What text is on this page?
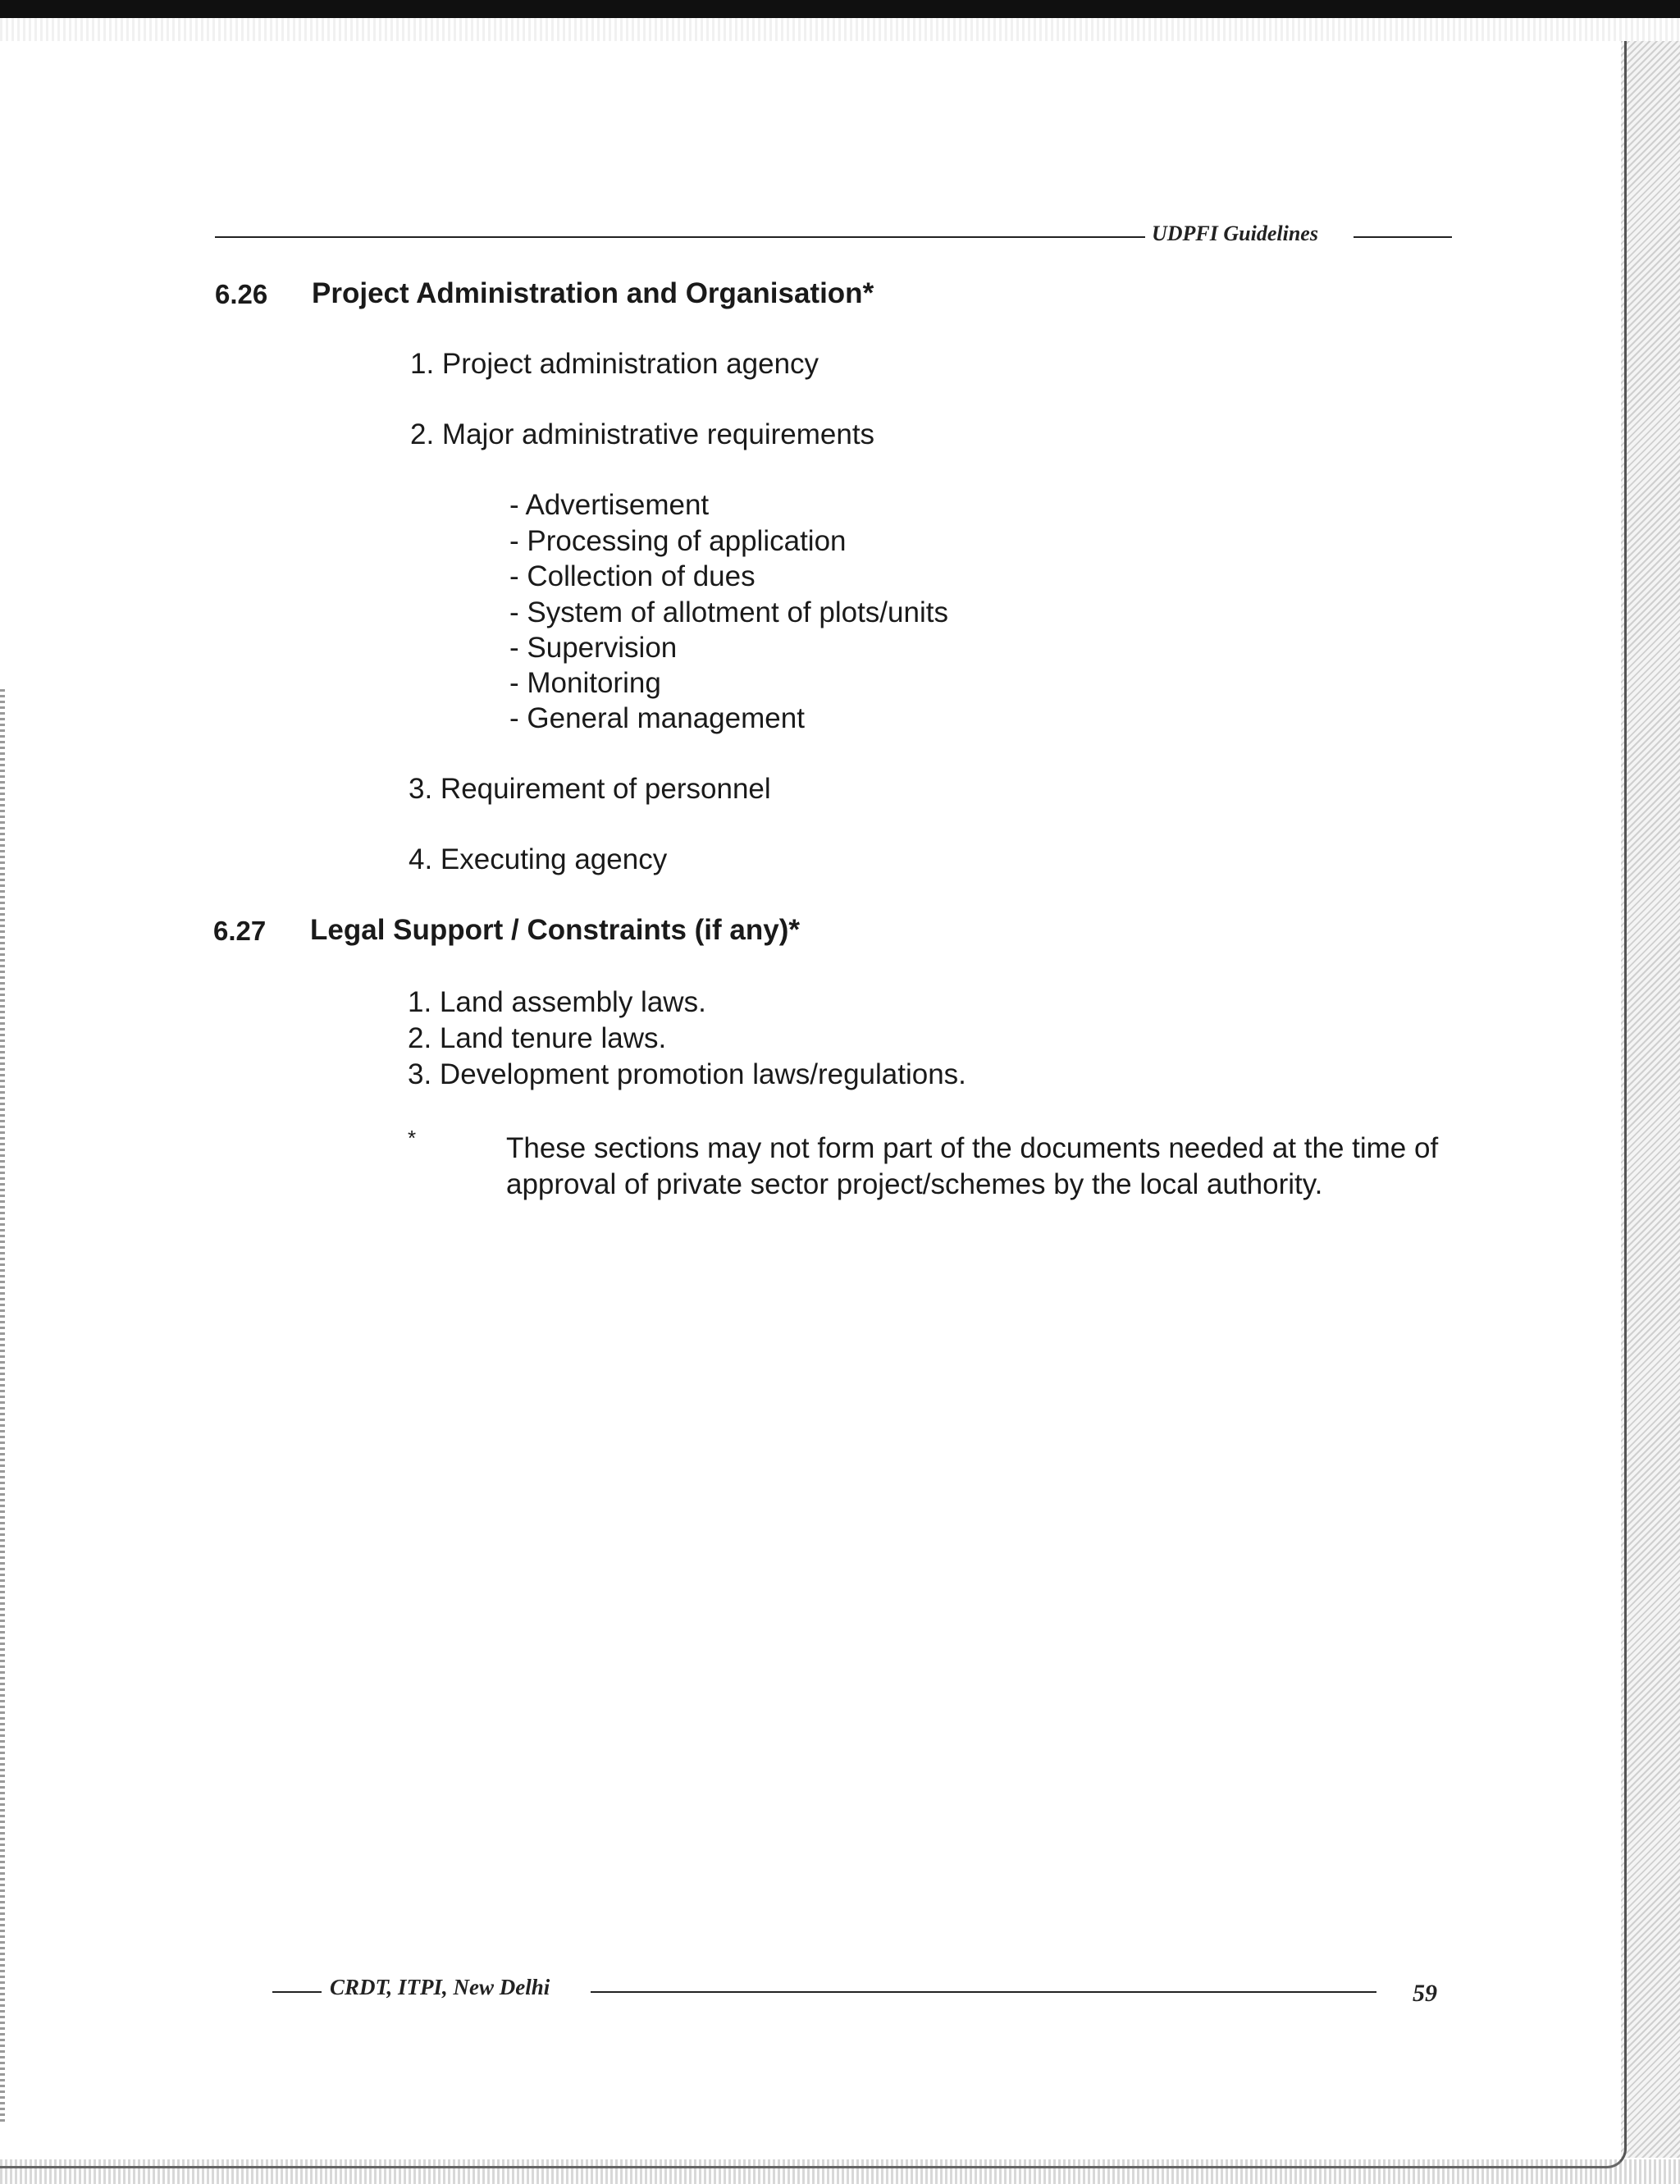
UDPFI Guidelines
6.26 Project Administration and Organisation*
1. Project administration agency
2. Major administrative requirements
- Advertisement
- Processing of application
- Collection of dues
- System of allotment of plots/units
- Supervision
- Monitoring
- General management
3. Requirement of personnel
4. Executing agency
6.27 Legal Support / Constraints (if any)*
1. Land assembly laws.
2. Land tenure laws.
3. Development promotion laws/regulations.
*	These sections may not form part of the documents needed at the time of approval of private sector project/schemes by the local authority.
CRDT, ITPI, New Delhi	59
